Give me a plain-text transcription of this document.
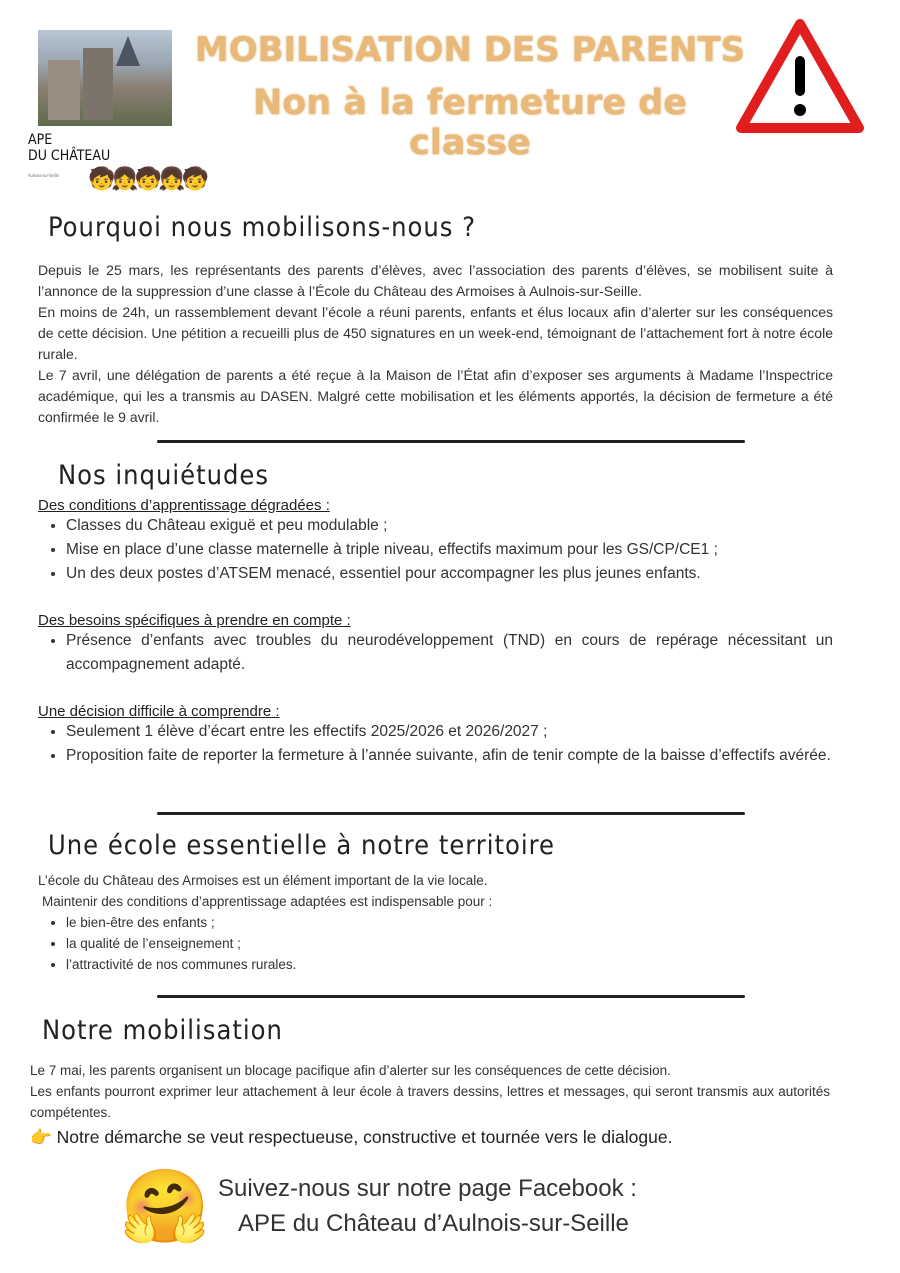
APE
DU CHÂTEAU
Aulnois-sur-Seille	🧒👧🧒👧🧒
MOBILISATION DES PARENTS
Non à la fermeture de classe
Pourquoi nous mobilisons-nous ?
Depuis le 25 mars, les représentants des parents d’élèves, avec l’association des parents d’élèves, se mobilisent suite à l’annonce de la suppression d’une classe à l’École du Château des Armoises à Aulnois-sur-Seille.
En moins de 24h, un rassemblement devant l’école a réuni parents, enfants et élus locaux afin d’alerter sur les conséquences de cette décision. Une pétition a recueilli plus de 450 signatures en un week-end, témoignant de l’attachement fort à notre école rurale.
Le 7 avril, une délégation de parents a été reçue à la Maison de l’État afin d’exposer ses arguments à Madame l’Inspectrice académique, qui les a transmis au DASEN. Malgré cette mobilisation et les éléments apportés, la décision de fermeture a été confirmée le 9 avril.
Nos inquiétudes
Des conditions d’apprentissage dégradées :
• Classes du Château exiguë et peu modulable ;
• Mise en place d’une classe maternelle à triple niveau, effectifs maximum pour les GS/CP/CE1 ;
• Un des deux postes d’ATSEM menacé, essentiel pour accompagner les plus jeunes enfants.
Des besoins spécifiques à prendre en compte :
• Présence d’enfants avec troubles du neurodéveloppement (TND) en cours de repérage nécessitant un accompagnement adapté.
Une décision difficile à comprendre :
• Seulement 1 élève d’écart entre les effectifs 2025/2026 et 2026/2027 ;
• Proposition faite de reporter la fermeture à l’année suivante, afin de tenir compte de la baisse d’effectifs avérée.
Une école essentielle à notre territoire
L’école du Château des Armoises est un élément important de la vie locale.
Maintenir des conditions d’apprentissage adaptées est indispensable pour :
• le bien-être des enfants ;
• la qualité de l’enseignement ;
• l’attractivité de nos communes rurales.
Notre mobilisation
Le 7 mai, les parents organisent un blocage pacifique afin d’alerter sur les conséquences de cette décision.
Les enfants pourront exprimer leur attachement à leur école à travers dessins, lettres et messages, qui seront transmis aux autorités compétentes.
👉 Notre démarche se veut respectueuse, constructive et tournée vers le dialogue.
🤗 Suivez-nous sur notre page Facebook :
APE du Château d’Aulnois-sur-Seille
